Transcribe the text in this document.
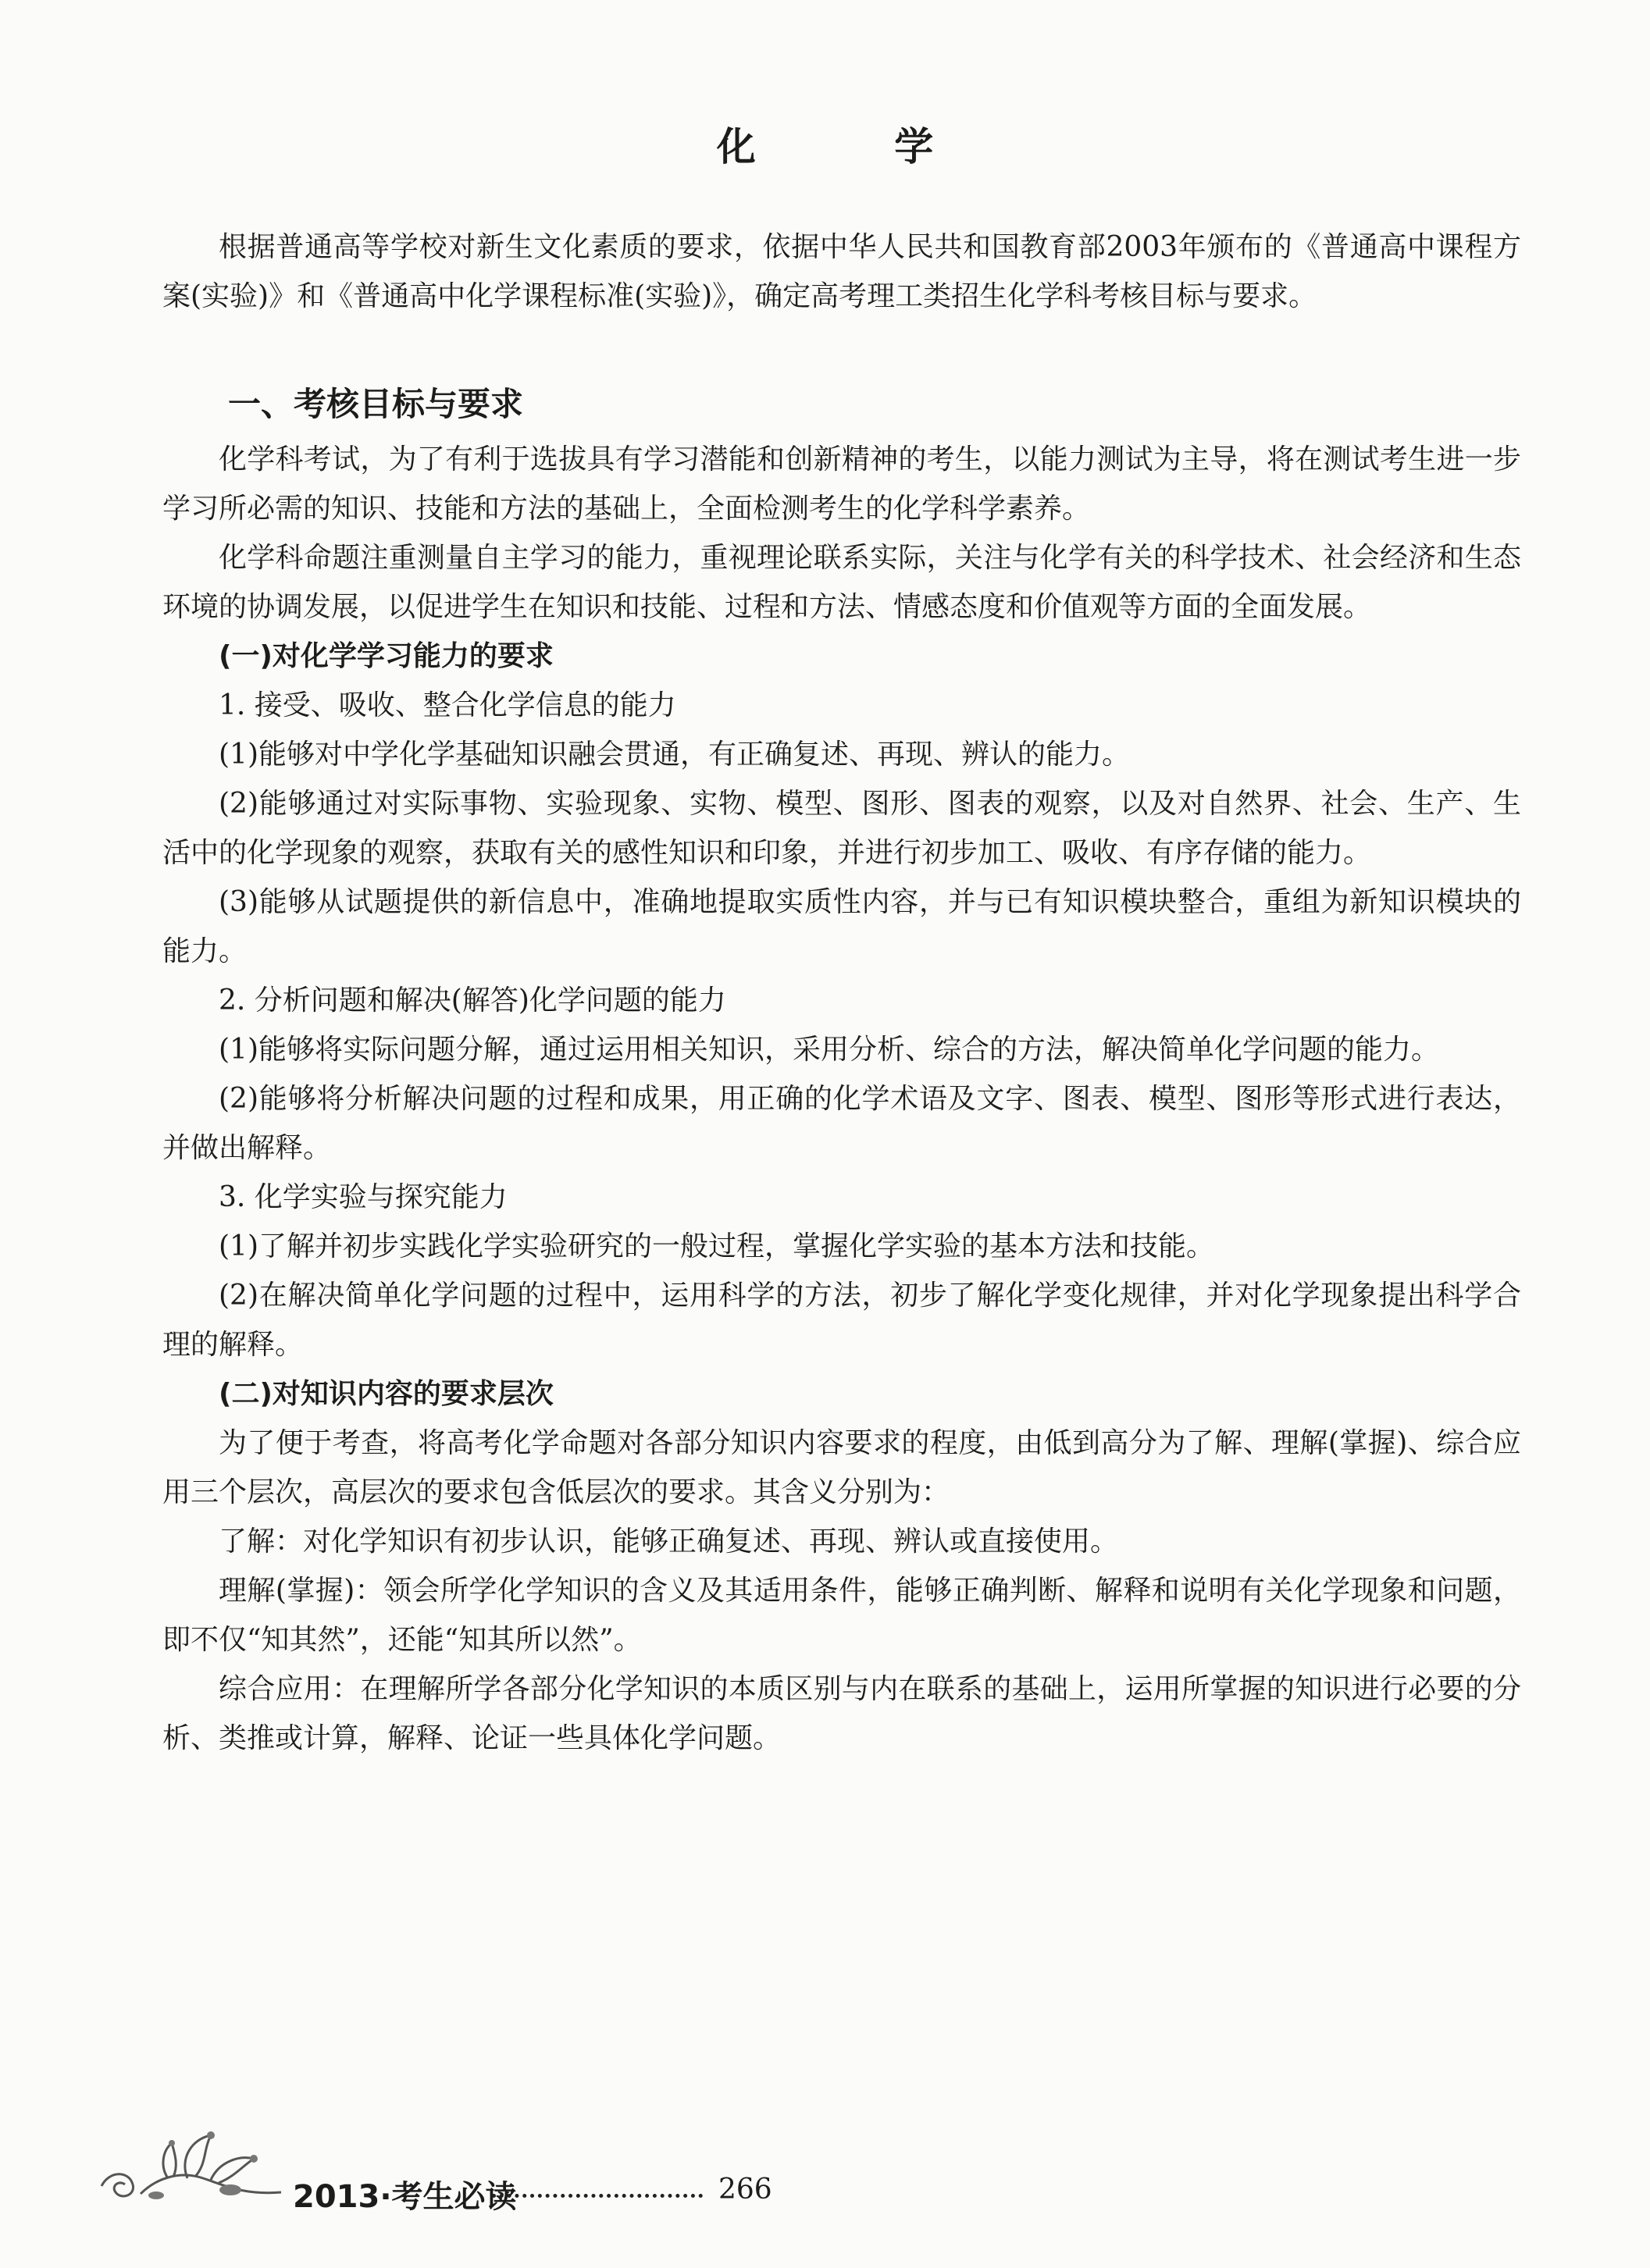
化 学

根据普通高等学校对新生文化素质的要求，依据中华人民共和国教育部2003年颁布的《普通高中课程方案(实验)》和《普通高中化学课程标准(实验)》，确定高考理工类招生化学科考核目标与要求。

一、考核目标与要求

化学科考试，为了有利于选拔具有学习潜能和创新精神的考生，以能力测试为主导，将在测试考生进一步学习所必需的知识、技能和方法的基础上，全面检测考生的化学科学素养。

化学科命题注重测量自主学习的能力，重视理论联系实际，关注与化学有关的科学技术、社会经济和生态环境的协调发展，以促进学生在知识和技能、过程和方法、情感态度和价值观等方面的全面发展。

(一)对化学学习能力的要求

1. 接受、吸收、整合化学信息的能力

(1)能够对中学化学基础知识融会贯通，有正确复述、再现、辨认的能力。

(2)能够通过对实际事物、实验现象、实物、模型、图形、图表的观察，以及对自然界、社会、生产、生活中的化学现象的观察，获取有关的感性知识和印象，并进行初步加工、吸收、有序存储的能力。

(3)能够从试题提供的新信息中，准确地提取实质性内容，并与已有知识模块整合，重组为新知识模块的能力。

2. 分析问题和解决(解答)化学问题的能力

(1)能够将实际问题分解，通过运用相关知识，采用分析、综合的方法，解决简单化学问题的能力。

(2)能够将分析解决问题的过程和成果，用正确的化学术语及文字、图表、模型、图形等形式进行表达，并做出解释。

3. 化学实验与探究能力

(1)了解并初步实践化学实验研究的一般过程，掌握化学实验的基本方法和技能。

(2)在解决简单化学问题的过程中，运用科学的方法，初步了解化学变化规律，并对化学现象提出科学合理的解释。

(二)对知识内容的要求层次

为了便于考查，将高考化学命题对各部分知识内容要求的程度，由低到高分为了解、理解(掌握)、综合应用三个层次，高层次的要求包含低层次的要求。其含义分别为：

了解：对化学知识有初步认识，能够正确复述、再现、辨认或直接使用。

理解(掌握)：领会所学化学知识的含义及其适用条件，能够正确判断、解释和说明有关化学现象和问题，即不仅“知其然”，还能“知其所以然”。

综合应用：在理解所学各部分化学知识的本质区别与内在联系的基础上，运用所掌握的知识进行必要的分析、类推或计算，解释、论证一些具体化学问题。

2013·考生必读	266
